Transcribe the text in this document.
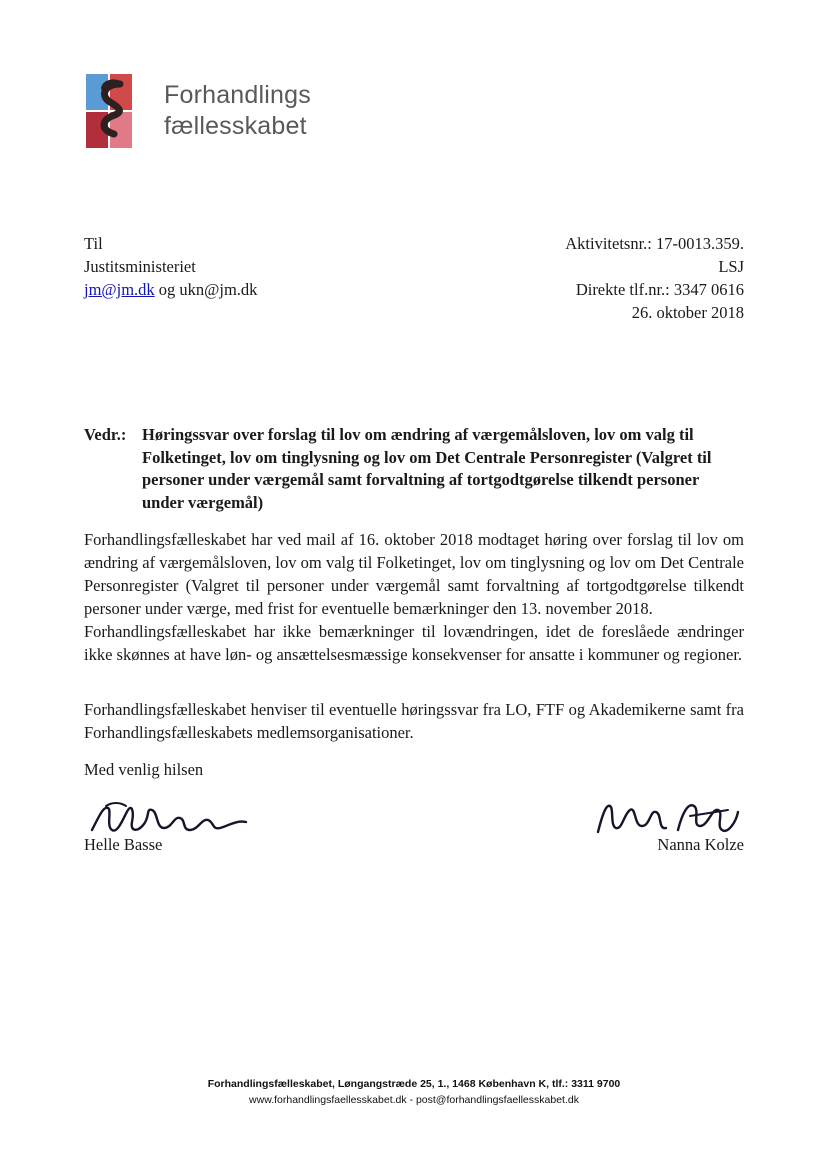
Forhandlings
fællesskabet
Til
Justitsministeriet
jm@jm.dk og ukn@jm.dk
Aktivitetsnr.: 17-0013.359.
LSJ
Direkte tlf.nr.: 3347 0616
26. oktober 2018
Vedr.: Høringssvar over forslag til lov om ændring af værgemålsloven, lov om valg til Folketinget, lov om tinglysning og lov om Det Centrale Personregister (Valgret til personer under værgemål samt forvaltning af tortgodtgørelse tilkendt personer under værgemål)
Forhandlingsfælleskabet har ved mail af 16. oktober 2018 modtaget høring over forslag til lov om ændring af værgemålsloven, lov om valg til Folketinget, lov om tinglysning og lov om Det Centrale Personregister (Valgret til personer under værgemål samt forvaltning af tortgodtgørelse tilkendt personer under værge, med frist for eventuelle bemærkninger den 13. november 2018.
Forhandlingsfælleskabet har ikke bemærkninger til lovændringen, idet de foreslåede ændringer ikke skønnes at have løn- og ansættelsesmæssige konsekvenser for ansatte i kommuner og regioner.
Forhandlingsfælleskabet henviser til eventuelle høringssvar fra LO, FTF og Akademikerne samt fra Forhandlingsfælleskabets medlemsorganisationer.
Med venlig hilsen
Helle Basse	Nanna Kolze
Forhandlingsfælleskabet, Løngangstræde 25, 1., 1468 København K, tlf.: 3311 9700
www.forhandlingsfaellesskabet.dk - post@forhandlingsfaellesskabet.dk
